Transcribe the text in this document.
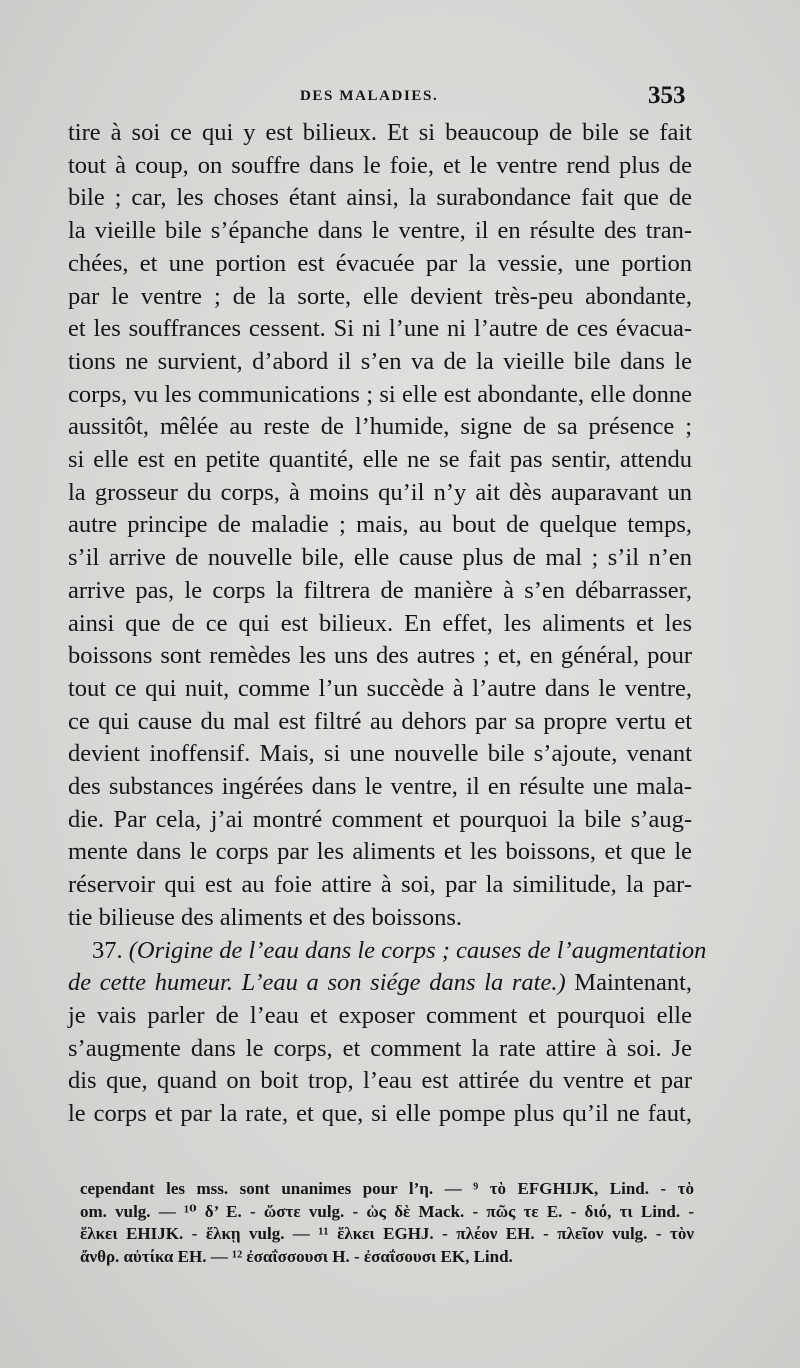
DES MALADIES.	353
tire à soi ce qui y est bilieux. Et si beaucoup de bile se fait
tout à coup, on souffre dans le foie, et le ventre rend plus de
bile ; car, les choses étant ainsi, la surabondance fait que de
la vieille bile s’épanche dans le ventre, il en résulte des tran-
chées, et une portion est évacuée par la vessie, une portion
par le ventre ; de la sorte, elle devient très-peu abondante,
et les souffrances cessent. Si ni l’une ni l’autre de ces évacua-
tions ne survient, d’abord il s’en va de la vieille bile dans le
corps, vu les communications ; si elle est abondante, elle donne
aussitôt, mêlée au reste de l’humide, signe de sa présence ;
si elle est en petite quantité, elle ne se fait pas sentir, attendu
la grosseur du corps, à moins qu’il n’y ait dès auparavant un
autre principe de maladie ; mais, au bout de quelque temps,
s’il arrive de nouvelle bile, elle cause plus de mal ; s’il n’en
arrive pas, le corps la filtrera de manière à s’en débarrasser,
ainsi que de ce qui est bilieux. En effet, les aliments et les
boissons sont remèdes les uns des autres ; et, en général, pour
tout ce qui nuit, comme l’un succède à l’autre dans le ventre,
ce qui cause du mal est filtré au dehors par sa propre vertu et
devient inoffensif. Mais, si une nouvelle bile s’ajoute, venant
des substances ingérées dans le ventre, il en résulte une mala-
die. Par cela, j’ai montré comment et pourquoi la bile s’aug-
mente dans le corps par les aliments et les boissons, et que le
réservoir qui est au foie attire à soi, par la similitude, la par-
tie bilieuse des aliments et des boissons.
37. (Origine de l’eau dans le corps ; causes de l’augmentation
de cette humeur. L’eau a son siége dans la rate.) Maintenant,
je vais parler de l’eau et exposer comment et pourquoi elle
s’augmente dans le corps, et comment la rate attire à soi. Je
dis que, quand on boit trop, l’eau est attirée du ventre et par
le corps et par la rate, et que, si elle pompe plus qu’il ne faut,
cependant les mss. sont unanimes pour l’η. — ⁹ τὸ EFGHIJK, Lind. - τὸ
om. vulg. — ¹⁰ δ’ E. - ὥστε vulg. - ὡς δὲ Mack. - πῶς τε E. - διό, τι Lind. -
ἕλκει EHIJK. - ἕλκῃ vulg. — ¹¹ ἕλκει EGHJ. - πλέον EH. - πλεῖον vulg. - τὸν
ἄνθρ. αὐτίκα EH. — ¹² ἐσαΐσσουσι H. - ἐσαΐσουσι EK, Lind.
